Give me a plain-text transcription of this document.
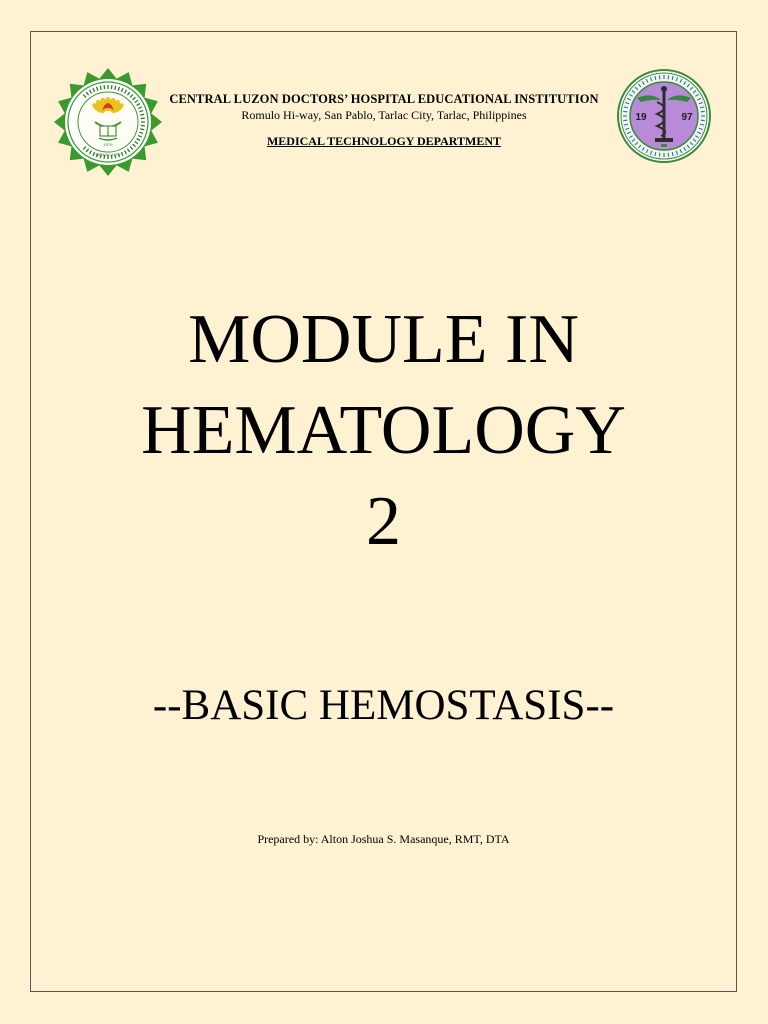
1979
TARLAC CITY
19	97
CENTRAL LUZON DOCTORS’ HOSPITAL EDUCATIONAL INSTITUTION
Romulo Hi-way, San Pablo, Tarlac City, Tarlac, Philippines
MEDICAL TECHNOLOGY DEPARTMENT
MODULE IN
HEMATOLOGY
2
--BASIC HEMOSTASIS--
Prepared by: Alton Joshua S. Masanque, RMT, DTA
